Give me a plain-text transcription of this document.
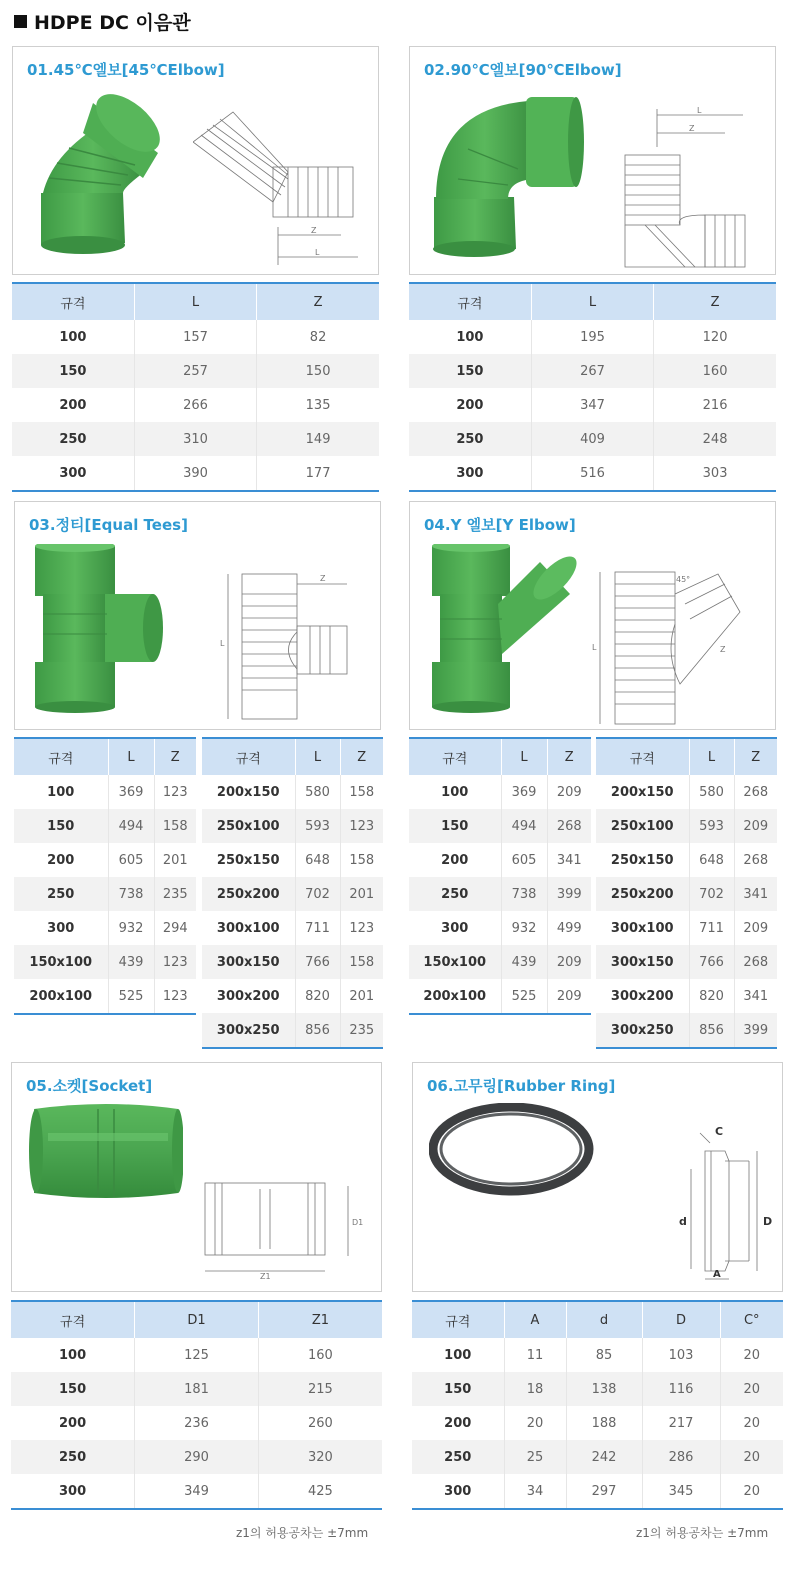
HDPE DC 이음관
01.45℃엘보[45℃Elbow]
Z
L
규격	L	Z
100	157	82
150	257	150
200	266	135
250	310	149
300	390	177
02.90℃엘보[90℃Elbow]
L
Z
규격	L	Z
100	195	120
150	267	160
200	347	216
250	409	248
300	516	303
03.정티[Equal Tees]
Z
L
규격	L	Z
100	369	123
150	494	158
200	605	201
250	738	235
300	932	294
150x100	439	123
200x100	525	123
규격	L	Z
200x150	580	158
250x100	593	123
250x150	648	158
250x200	702	201
300x100	711	123
300x150	766	158
300x200	820	201
300x250	856	235
04.Y 엘보[Y Elbow]
45°
L	Z
규격	L	Z
100	369	209
150	494	268
200	605	341
250	738	399
300	932	499
150x100	439	209
200x100	525	209
규격	L	Z
200x150	580	268
250x100	593	209
250x150	648	268
250x200	702	341
300x100	711	209
300x150	766	268
300x200	820	341
300x250	856	399
05.소켓[Socket]
D1
Z1
규격	D1	Z1
100	125	160
150	181	215
200	236	260
250	290	320
300	349	425
z1의 허용공차는 ±7mm
06.고무링[Rubber Ring]
C
d	D
A
규격	A	d	D	C°
100	11	85	103	20
150	18	138	116	20
200	20	188	217	20
250	25	242	286	20
300	34	297	345	20
z1의 허용공차는 ±7mm
